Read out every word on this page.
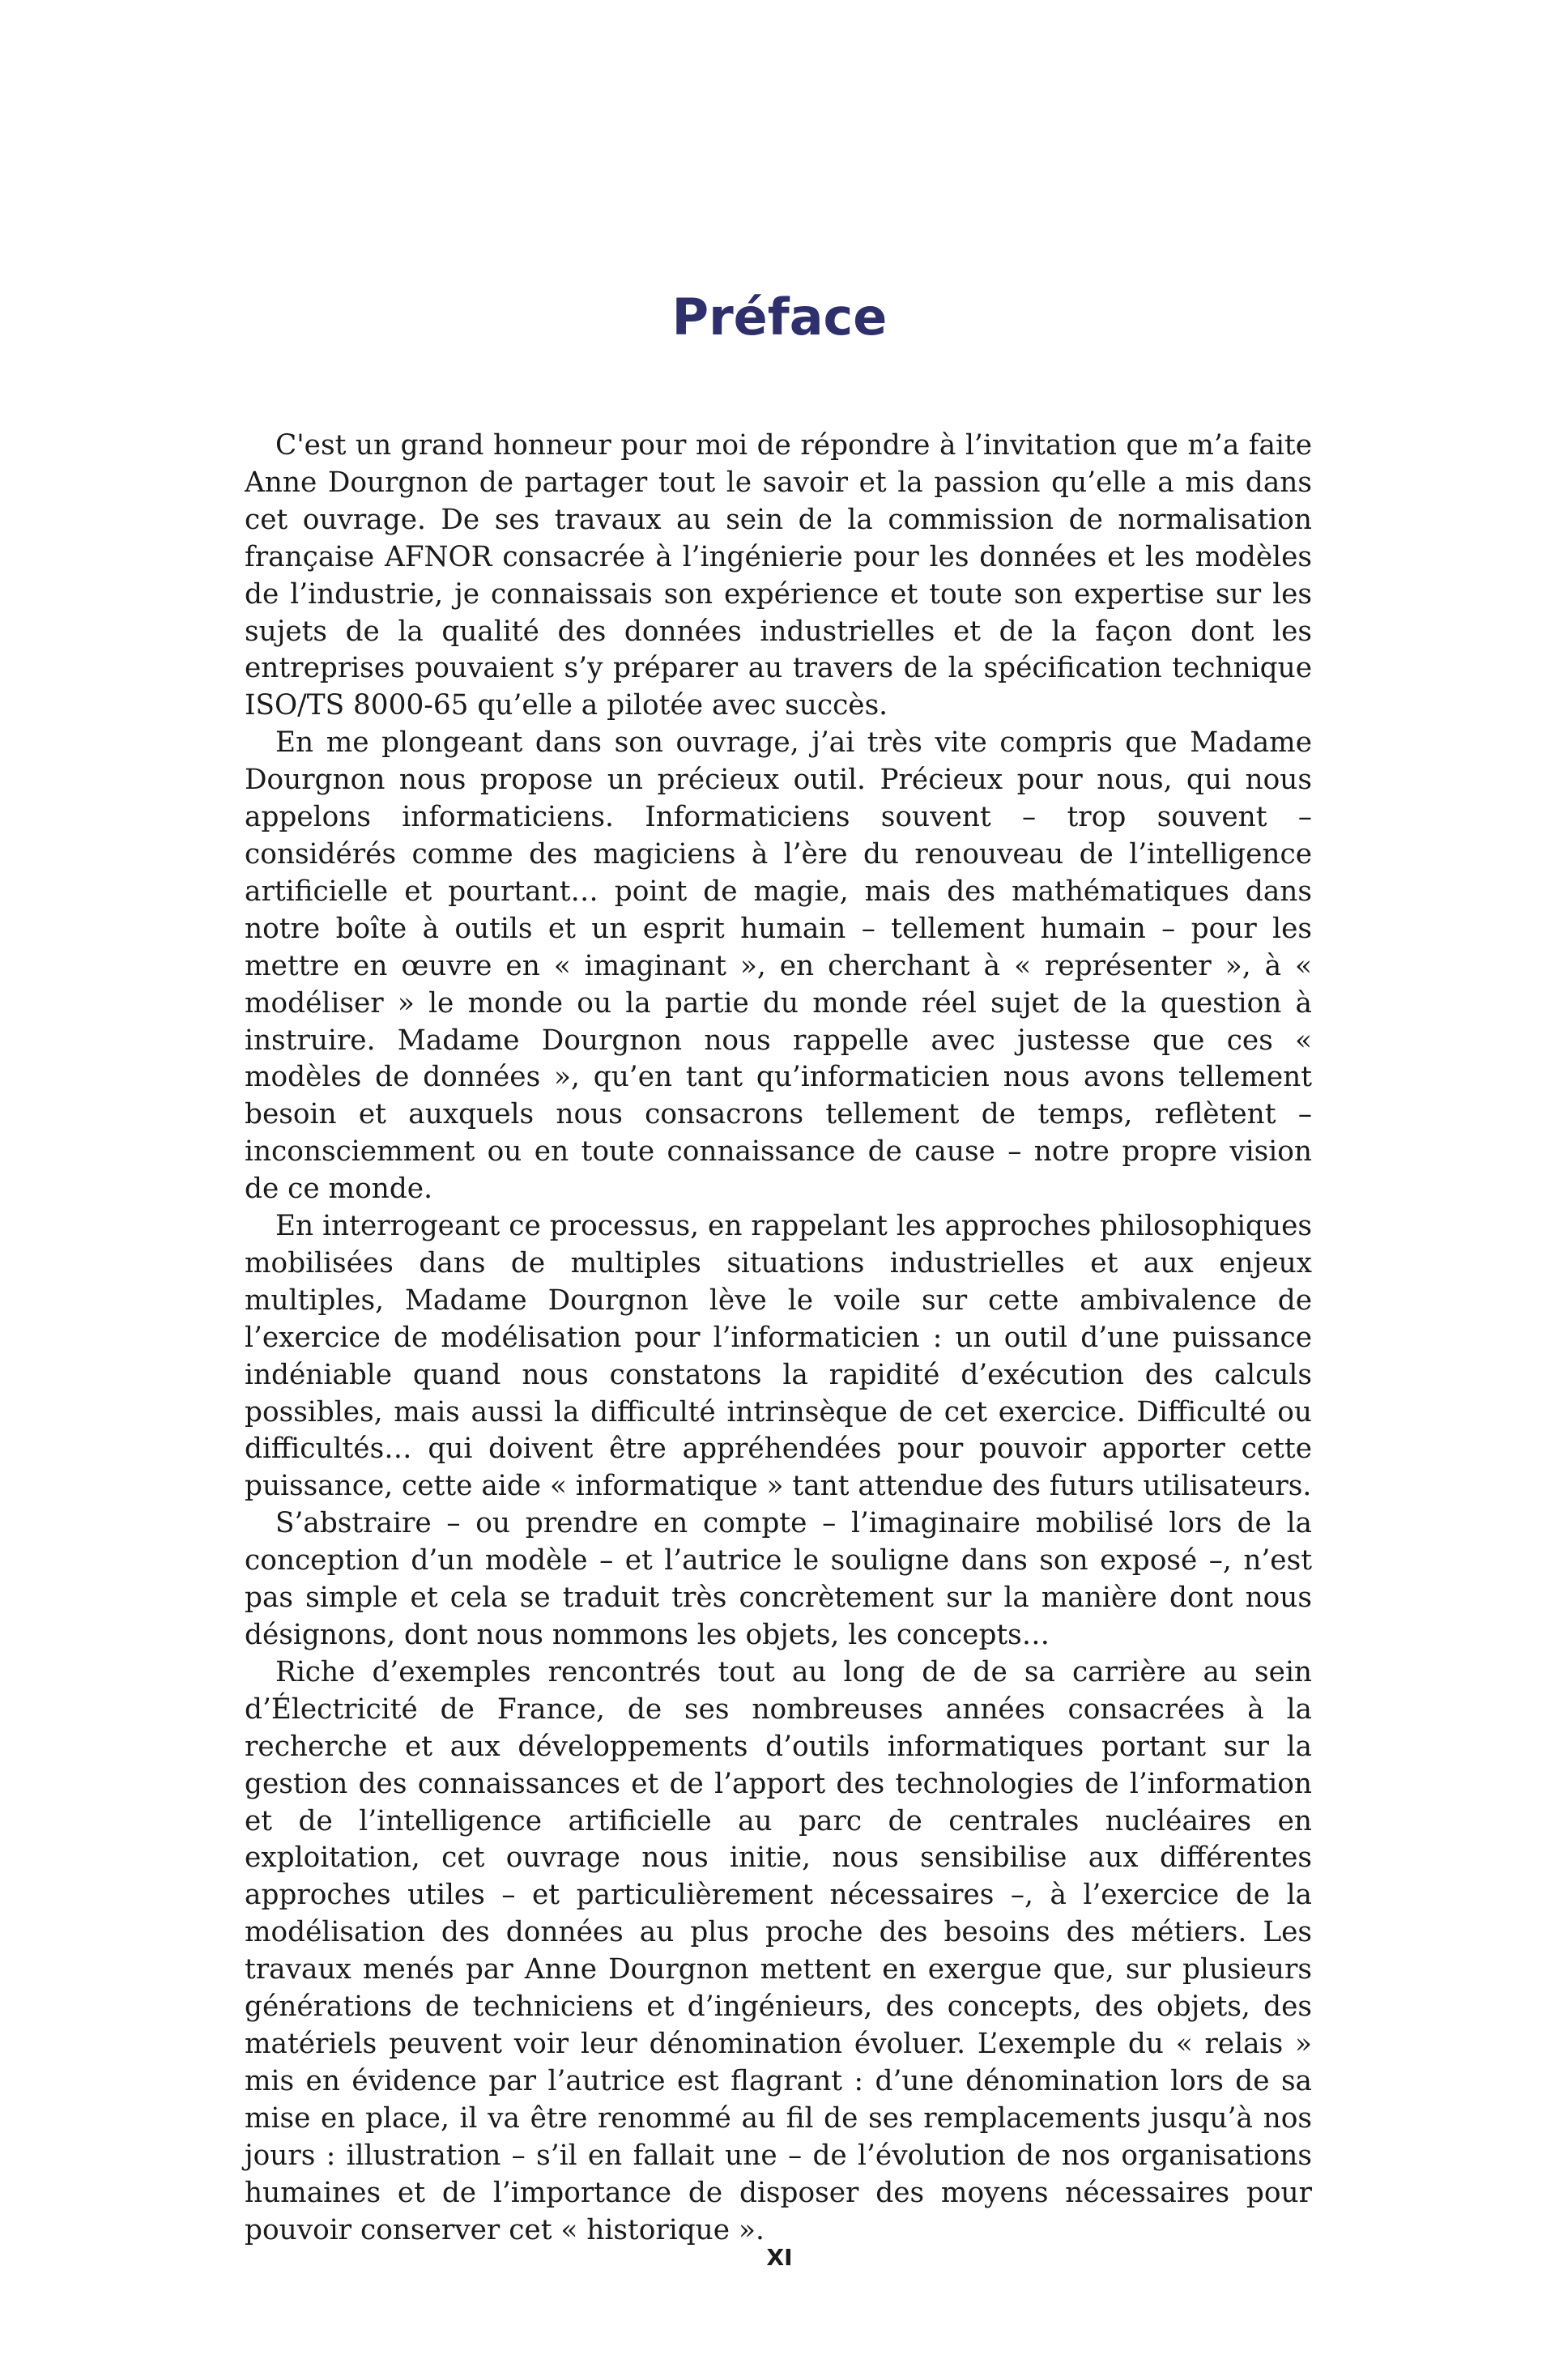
Préface

C'est un grand honneur pour moi de répondre à l’invitation que m’a faite Anne Dourgnon de partager tout le savoir et la passion qu’elle a mis dans cet ouvrage. De ses travaux au sein de la commission de normalisation française AFNOR consacrée à l’ingénierie pour les données et les modèles de l’industrie, je connaissais son expérience et toute son expertise sur les sujets de la qualité des données industrielles et de la façon dont les entreprises pouvaient s’y préparer au travers de la spécification technique ISO/TS 8000-65 qu’elle a pilotée avec succès.

En me plongeant dans son ouvrage, j’ai très vite compris que Madame Dourgnon nous propose un précieux outil. Précieux pour nous, qui nous appelons informaticiens. Informaticiens souvent – trop souvent – considérés comme des magiciens à l’ère du renouveau de l’intelligence artificielle et pourtant… point de magie, mais des mathématiques dans notre boîte à outils et un esprit humain – tellement humain – pour les mettre en œuvre en « imaginant », en cherchant à « représenter », à « modéliser » le monde ou la partie du monde réel sujet de la question à instruire. Madame Dourgnon nous rappelle avec justesse que ces « modèles de données », qu’en tant qu’informaticien nous avons tellement besoin et auxquels nous consacrons tellement de temps, reflètent – inconsciemment ou en toute connaissance de cause – notre propre vision de ce monde.

En interrogeant ce processus, en rappelant les approches philosophiques mobilisées dans de multiples situations industrielles et aux enjeux multiples, Madame Dourgnon lève le voile sur cette ambivalence de l’exercice de modélisation pour l’informaticien : un outil d’une puissance indéniable quand nous constatons la rapidité d’exécution des calculs possibles, mais aussi la difficulté intrinsèque de cet exercice. Difficulté ou difficultés… qui doivent être appréhendées pour pouvoir apporter cette puissance, cette aide « informatique » tant attendue des futurs utilisateurs.

S’abstraire – ou prendre en compte – l’imaginaire mobilisé lors de la conception d’un modèle – et l’autrice le souligne dans son exposé –, n’est pas simple et cela se traduit très concrètement sur la manière dont nous désignons, dont nous nommons les objets, les concepts…

Riche d’exemples rencontrés tout au long de de sa carrière au sein d’Électricité de France, de ses nombreuses années consacrées à la recherche et aux développements d’outils informatiques portant sur la gestion des connaissances et de l’apport des technologies de l’information et de l’intelligence artificielle au parc de centrales nucléaires en exploitation, cet ouvrage nous initie, nous sensibilise aux différentes approches utiles – et particulièrement nécessaires –, à l’exercice de la modélisation des données au plus proche des besoins des métiers. Les travaux menés par Anne Dourgnon mettent en exergue que, sur plusieurs générations de techniciens et d’ingénieurs, des concepts, des objets, des matériels peuvent voir leur dénomination évoluer. L’exemple du « relais » mis en évidence par l’autrice est flagrant : d’une dénomination lors de sa mise en place, il va être renommé au fil de ses remplacements jusqu’à nos jours : illustration – s’il en fallait une – de l’évolution de nos organisations humaines et de l’importance de disposer des moyens nécessaires pour pouvoir conserver cet « historique ».

XI
